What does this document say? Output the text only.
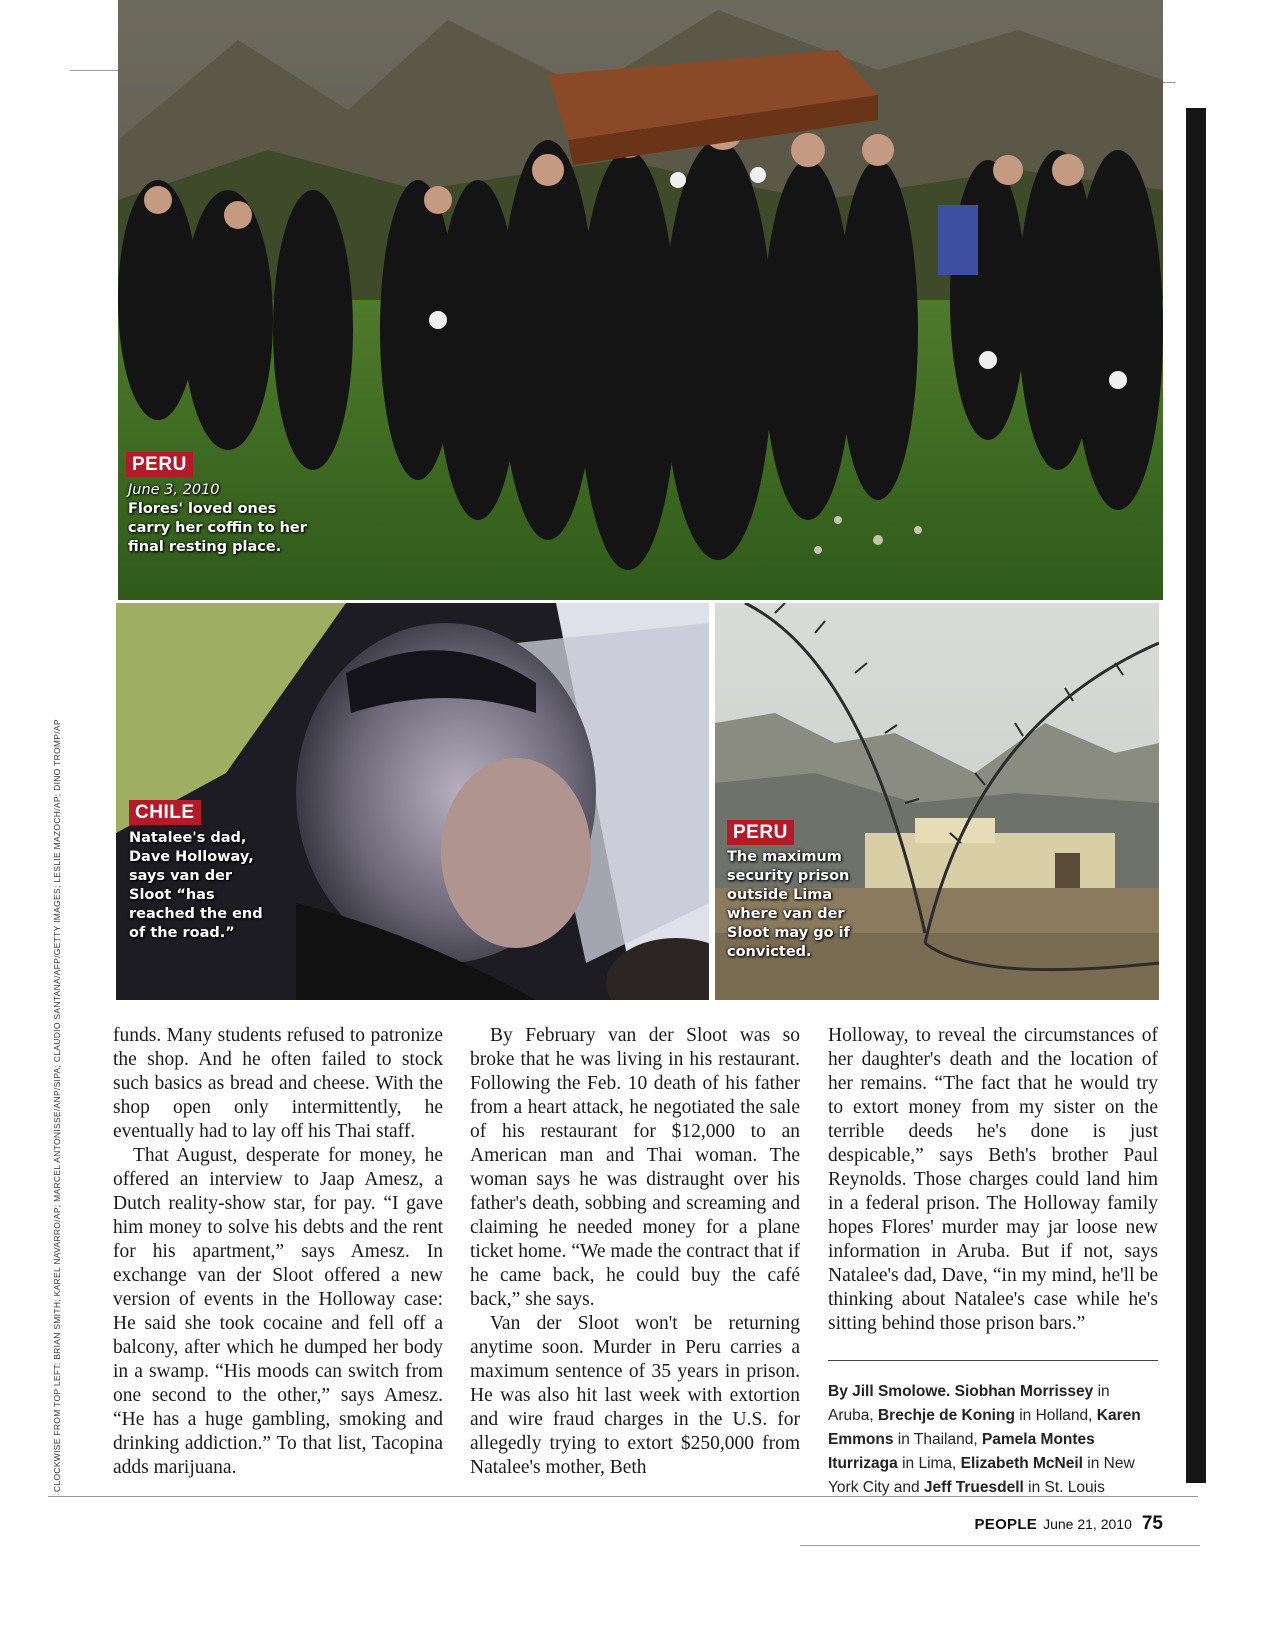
PERU
June 3, 2010
Flores' loved ones
carry her coffin to her
final resting place.
CHILE
Natalee's dad,
Dave Holloway,
says van der
Sloot “has
reached the end
of the road.”
PERU
The maximum
security prison
outside Lima
where van der
Sloot may go if
convicted.
CLOCKWISE FROM TOP LEFT: BRIAN SMITH; KAREL NAVARRO/AP; MARCEL ANTONISSE/ANP/SIPA; CLAUDIO SANTANA/AFP/GETTY IMAGES; LESLIE MAZOCH/AP; DINO TROMP/AP	funds. Many students refused to patronize the shop. And he often failed to stock such basics as bread and cheese. With the shop open only intermittently, he eventually had to lay off his Thai staff.

That August, desperate for money, he offered an interview to Jaap Amesz, a Dutch reality-show star, for pay. “I gave him money to solve his debts and the rent for his apartment,” says Amesz. In exchange van der Sloot offered a new version of events in the Holloway case: He said she took cocaine and fell off a balcony, after which he dumped her body in a swamp. “His moods can switch from one second to the other,” says Amesz. “He has a huge gambling, smoking and drinking addiction.” To that list, Tacopina adds marijuana.

By February van der Sloot was so broke that he was living in his restaurant. Following the Feb. 10 death of his father from a heart attack, he negotiated the sale of his restaurant for $12,000 to an American man and Thai woman. The woman says he was distraught over his father's death, sobbing and screaming and claiming he needed money for a plane ticket home. “We made the contract that if he came back, he could buy the café back,” she says.

Van der Sloot won't be returning anytime soon. Murder in Peru carries a maximum sentence of 35 years in prison. He was also hit last week with extortion and wire fraud charges in the U.S. for allegedly trying to extort $250,000 from Natalee's mother, Beth

Holloway, to reveal the circumstances of her daughter's death and the location of her remains. “The fact that he would try to extort money from my sister on the terrible deeds he's done is just despicable,” says Beth's brother Paul Reynolds. Those charges could land him in a federal prison. The Holloway family hopes Flores' murder may jar loose new information in Aruba. But if not, says Natalee's dad, Dave, “in my mind, he'll be thinking about Natalee's case while he's sitting behind those prison bars.”

By Jill Smolowe. Siobhan Morrissey in Aruba, Brechje de Koning in Holland, Karen Emmons in Thailand, Pamela Montes Iturrizaga in Lima, Elizabeth McNeil in New York City and Jeff Truesdell in St. Louis
PEOPLE June 21, 2010 75
